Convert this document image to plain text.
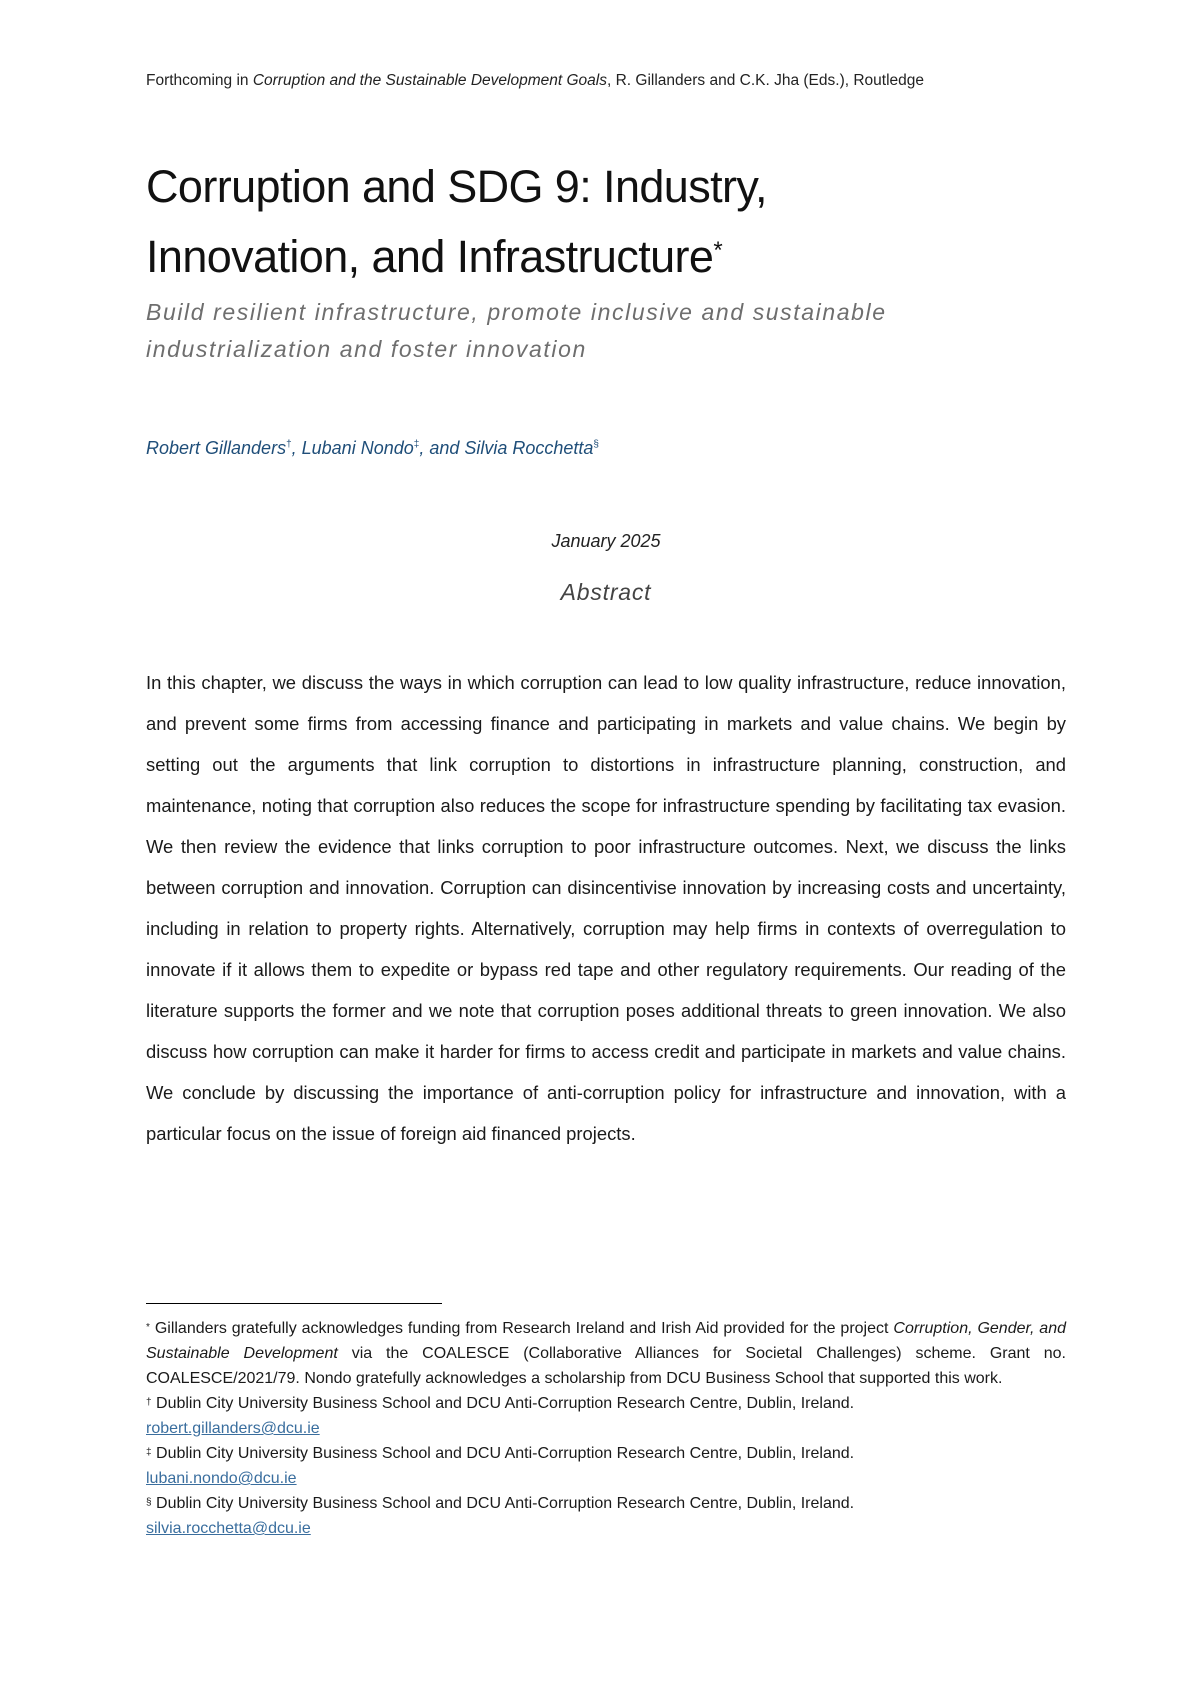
Forthcoming in Corruption and the Sustainable Development Goals, R. Gillanders and C.K. Jha (Eds.), Routledge
Corruption and SDG 9: Industry,
Innovation, and Infrastructure*

Build resilient infrastructure, promote inclusive and sustainable
industrialization and foster innovation

Robert Gillanders†, Lubani Nondo‡, and Silvia Rocchetta§
January 2025
Abstract

In this chapter, we discuss the ways in which corruption can lead to low quality infrastructure, reduce innovation, and prevent some firms from accessing finance and participating in markets and value chains. We begin by setting out the arguments that link corruption to distortions in infrastructure planning, construction, and maintenance, noting that corruption also reduces the scope for infrastructure spending by facilitating tax evasion. We then review the evidence that links corruption to poor infrastructure outcomes. Next, we discuss the links between corruption and innovation. Corruption can disincentivise innovation by increasing costs and uncertainty, including in relation to property rights. Alternatively, corruption may help firms in contexts of overregulation to innovate if it allows them to expedite or bypass red tape and other regulatory requirements. Our reading of the literature supports the former and we note that corruption poses additional threats to green innovation. We also discuss how corruption can make it harder for firms to access credit and participate in markets and value chains. We conclude by discussing the importance of anti-corruption policy for infrastructure and innovation, with a particular focus on the issue of foreign aid financed projects.

* Gillanders gratefully acknowledges funding from Research Ireland and Irish Aid provided for the project Corruption, Gender, and Sustainable Development via the COALESCE (Collaborative Alliances for Societal Challenges) scheme. Grant no. COALESCE/2021/79. Nondo gratefully acknowledges a scholarship from DCU Business School that supported this work.

† Dublin City University Business School and DCU Anti-Corruption Research Centre, Dublin, Ireland.
robert.gillanders@dcu.ie

‡ Dublin City University Business School and DCU Anti-Corruption Research Centre, Dublin, Ireland.
lubani.nondo@dcu.ie

§ Dublin City University Business School and DCU Anti-Corruption Research Centre, Dublin, Ireland.
silvia.rocchetta@dcu.ie
